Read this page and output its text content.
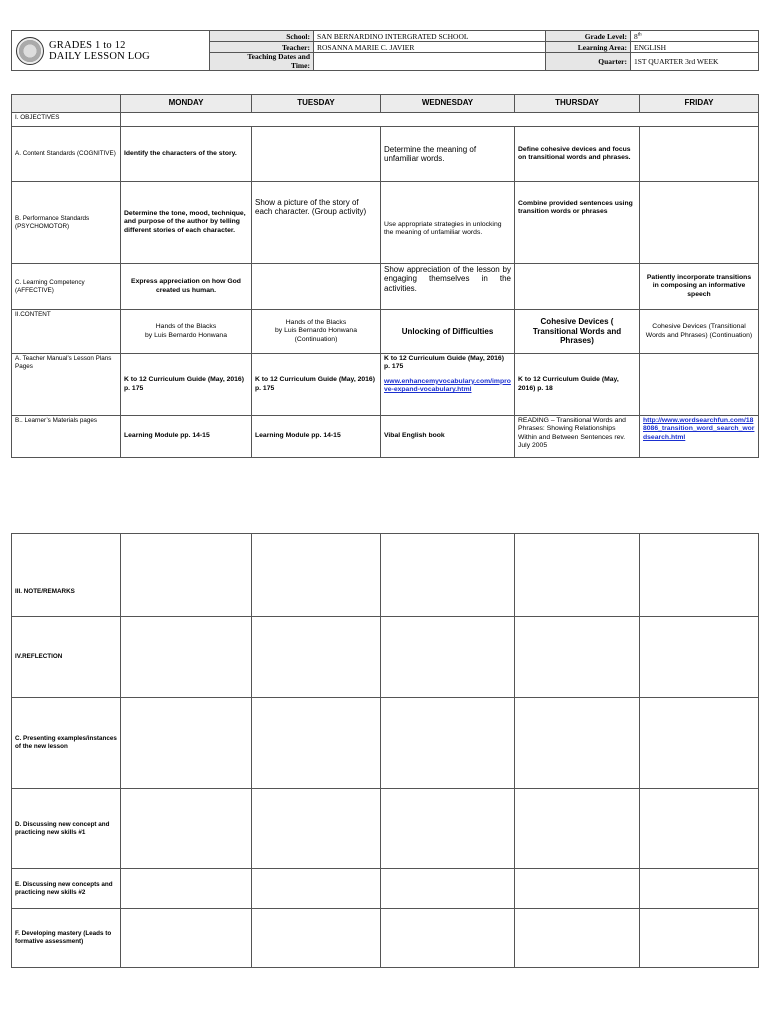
GRADES 1 to 12
DAILY LESSON LOG	School:	SAN BERNARDINO INTERGRATED SCHOOL	Grade Level:	8th
	Teacher:	ROSANNA MARIE C. JAVIER	Learning Area:	ENGLISH

	Teaching Dates and
Time:		Quarter:	1ST QUARTER 3rd WEEK
	MONDAY	TUESDAY	WEDNESDAY	THURSDAY	FRIDAY
I. OBJECTIVES					
A. Content Standards (COGNITIVE)	Identify the characters of the story.		Determine the meaning of unfamiliar words.	Define cohesive devices and focus on transitional words and phrases.	
B. Performance Standards (PSYCHOMOTOR)	Determine the tone, mood, technique, and purpose of the author by telling different stories of each character.	Show a picture of the story of each character. (Group activity)	Use appropriate strategies in unlocking the meaning of unfamiliar words.	Combine provided sentences using transition words or phrases	
C. Learning Competency (AFFECTIVE)	Express appreciation on how God created us human.		Show appreciation of the lesson by engaging themselves in the activities.		Patiently incorporate transitions in composing an informative speech
II.CONTENT	Hands of the Blacks
by Luis Bernardo Honwana	Hands of the Blacks
by Luis Bernardo Honwana
(Continuation)	Unlocking of Difficulties	Cohesive Devices ( Transitional Words and Phrases)	Cohesive Devices (Transitional Words and Phrases) (Continuation)
A. Teacher Manual’s Lesson Plans Pages	K to 12 Curriculum Guide (May, 2016) p. 175	K to 12 Curriculum Guide (May, 2016) p. 175	K to 12 Curriculum Guide (May, 2016) p. 175
www.enhancemyvocabulary.com/improve-expand-vocabulary.html	K to 12 Curriculum Guide (May, 2016) p. 18	
B.. Learner’s Materials pages	Learning Module pp. 14-15	Learning Module pp. 14-15	Vibal English book	READING – Transitional Words and Phrases: Showing Relationships Within and Between Sentences rev. July 2005	http://www.wordsearchfun.com/188086_transition_word_search_wordsearch.html
III. NOTE/REMARKS					
IV.REFLECTION					
C. Presenting examples/instances of the new lesson					
D. Discussing new concept and practicing new skills #1					
E. Discussing new concepts and practicing new skills #2					
F. Developing mastery (Leads to formative assessment)					
